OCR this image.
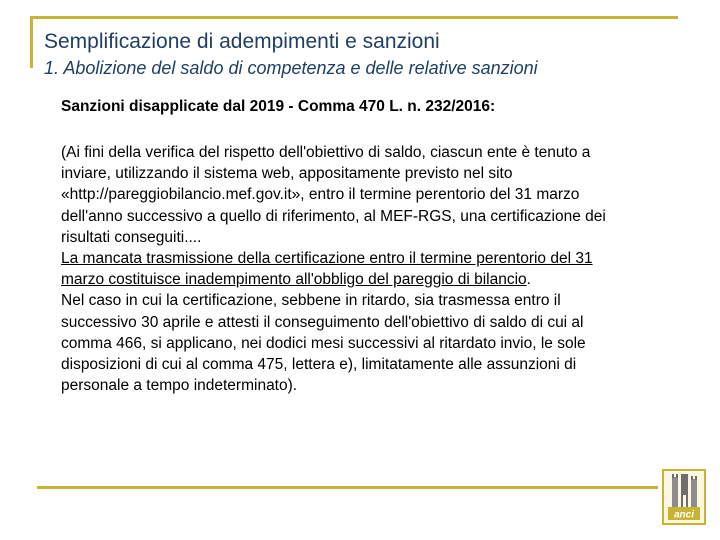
Semplificazione di adempimenti e sanzioni
1. Abolizione del saldo di competenza e delle relative sanzioni
Sanzioni disapplicate dal 2019 - Comma 470 L. n. 232/2016:

(Ai fini della verifica del rispetto dell'obiettivo di saldo, ciascun ente è tenuto a inviare, utilizzando il sistema web, appositamente previsto nel sito «http://pareggiobilancio.mef.gov.it», entro il termine perentorio del 31 marzo dell'anno successivo a quello di riferimento, al MEF-RGS, una certificazione dei risultati conseguiti....

La mancata trasmissione della certificazione entro il termine perentorio del 31 marzo costituisce inadempimento all'obbligo del pareggio di bilancio.

Nel caso in cui la certificazione, sebbene in ritardo, sia trasmessa entro il successivo 30 aprile e attesti il conseguimento dell'obiettivo di saldo di cui al comma 466, si applicano, nei dodici mesi successivi al ritardato invio, le sole disposizioni di cui al comma 475, lettera e), limitatamente alle assunzioni di personale a tempo indeterminato).

anci
